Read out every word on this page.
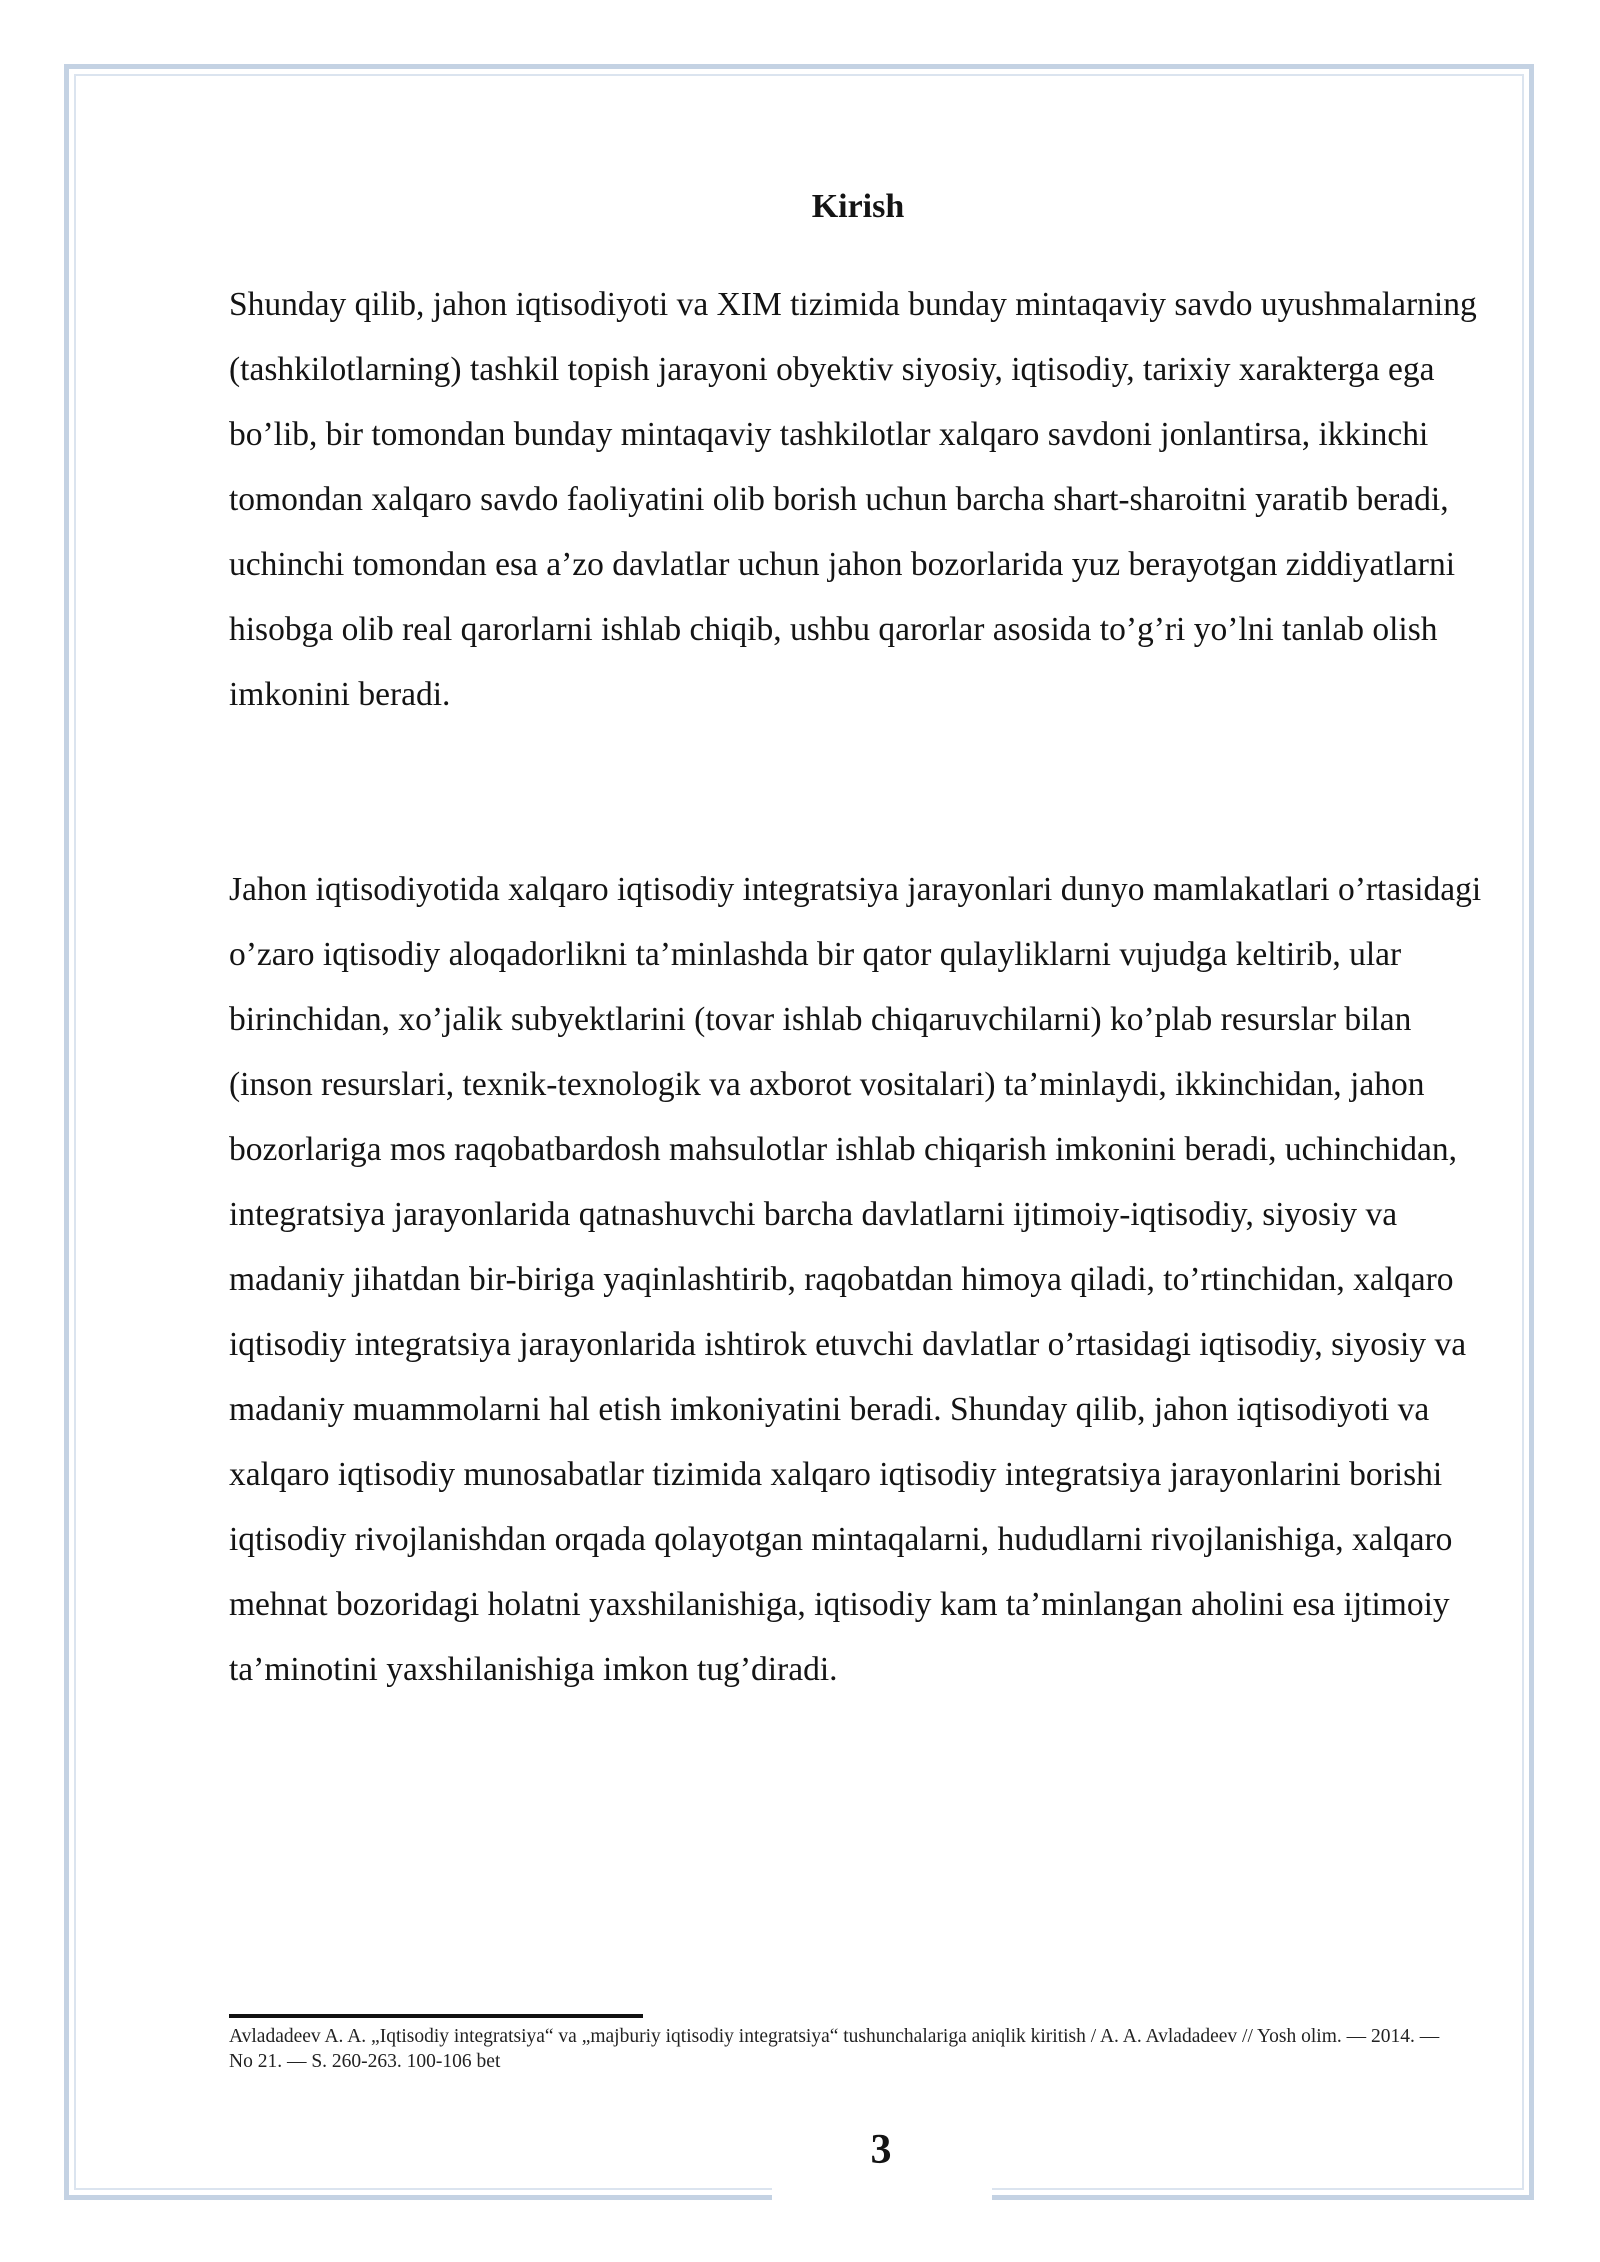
Kirish

Shunday qilib, jahon iqtisodiyoti va XIM tizimida bunday mintaqaviy savdo uyushmalarning (tashkilotlarning) tashkil topish jarayoni obyektiv siyosiy, iqtisodiy, tarixiy xarakterga ega bo’lib, bir tomondan bunday mintaqaviy tashkilotlar xalqaro savdoni jonlantirsa, ikkinchi tomondan xalqaro savdo faoliyatini olib borish uchun barcha shart-sharoitni yaratib beradi, uchinchi tomondan esa a’zo davlatlar uchun jahon bozorlarida yuz berayotgan ziddiyatlarni hisobga olib real qarorlarni ishlab chiqib, ushbu qarorlar asosida to’g’ri yo’lni tanlab olish imkonini beradi.

Jahon iqtisodiyotida xalqaro iqtisodiy integratsiya jarayonlari dunyo mamlakatlari o’rtasidagi o’zaro iqtisodiy aloqadorlikni ta’minlashda bir qator qulayliklarni vujudga keltirib, ular birinchidan, xo’jalik subyektlarini (tovar ishlab chiqaruvchilarni) ko’plab resurslar bilan (inson resurslari, texnik-texnologik va axborot vositalari) ta’minlaydi, ikkinchidan, jahon bozorlariga mos raqobatbardosh mahsulotlar ishlab chiqarish imkonini beradi, uchinchidan, integratsiya jarayonlarida qatnashuvchi barcha davlatlarni ijtimoiy-iqtisodiy, siyosiy va madaniy jihatdan bir-biriga yaqinlashtirib, raqobatdan himoya qiladi, to’rtinchidan, xalqaro iqtisodiy integratsiya jarayonlarida ishtirok etuvchi davlatlar o’rtasidagi iqtisodiy, siyosiy va madaniy muammolarni hal etish imkoniyatini beradi. Shunday qilib, jahon iqtisodiyoti va xalqaro iqtisodiy munosabatlar tizimida xalqaro iqtisodiy integratsiya jarayonlarini borishi iqtisodiy rivojlanishdan orqada qolayotgan mintaqalarni, hududlarni rivojlanishiga, xalqaro mehnat bozoridagi holatni yaxshilanishiga, iqtisodiy kam ta’minlangan aholini esa ijtimoiy ta’minotini yaxshilanishiga imkon tug’diradi.

Avladadeev A. A. „Iqtisodiy integratsiya“ va „majburiy iqtisodiy integratsiya“ tushunchalariga aniqlik kiritish / A. A. Avladadeev // Yosh olim. — 2014. — No 21. — S. 260-263. 100-106 bet

3
